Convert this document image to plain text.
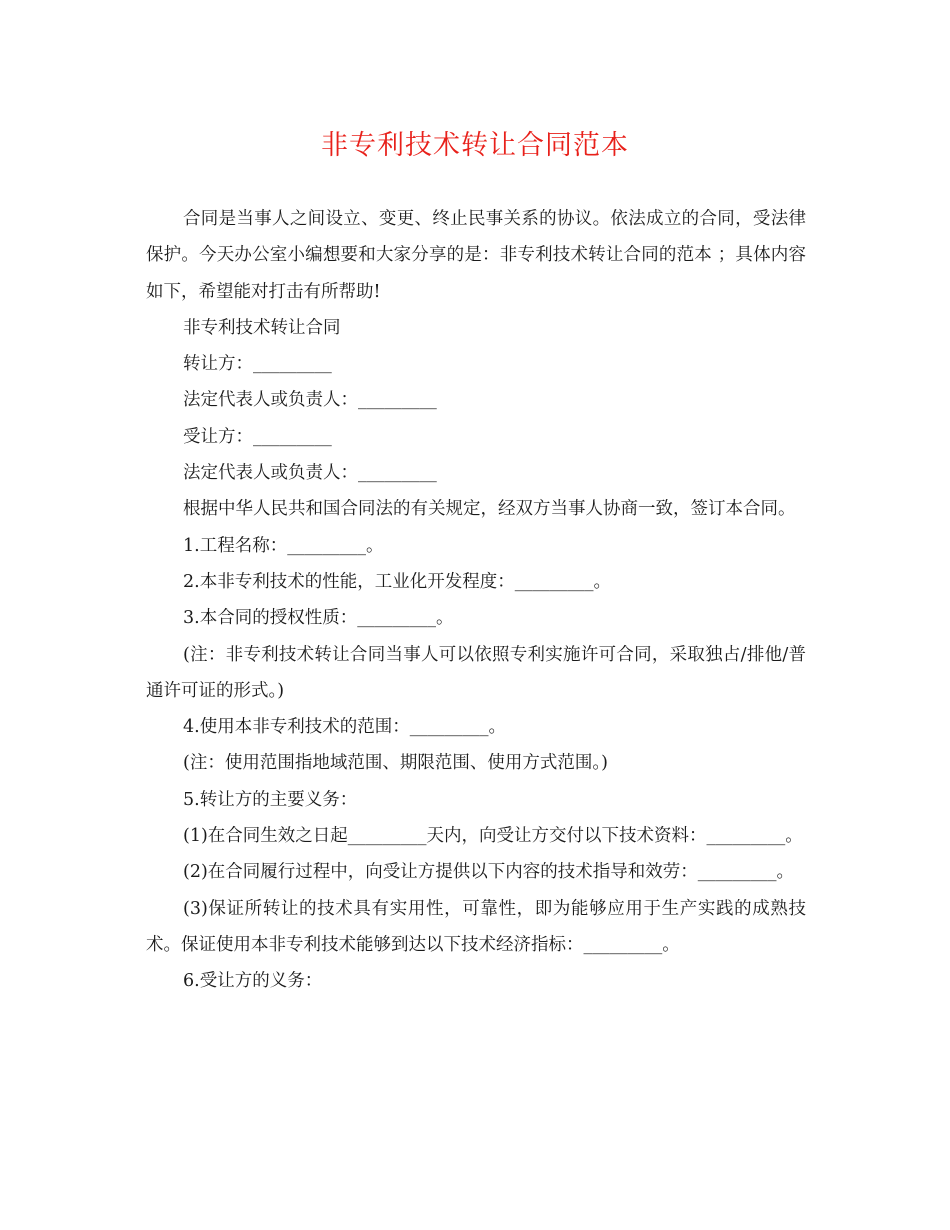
非专利技术转让合同范本

合同是当事人之间设立、变更、终止民事关系的协议。依法成立的合同，受法律保护。今天办公室小编想要和大家分享的是：非专利技术转让合同的范本 ；具体内容如下，希望能对打击有所帮助!

非专利技术转让合同

转让方：_________

法定代表人或负责人：_________

受让方：_________

法定代表人或负责人：_________

根据中华人民共和国合同法的有关规定，经双方当事人协商一致，签订本合同。

1.工程名称：_________。

2.本非专利技术的性能，工业化开发程度：_________。

3.本合同的授权性质：_________。

(注：非专利技术转让合同当事人可以依照专利实施许可合同，采取独占/排他/普通许可证的形式。)

4.使用本非专利技术的范围：_________。

(注：使用范围指地域范围、期限范围、使用方式范围。)

5.转让方的主要义务：

(1)在合同生效之日起_________天内，向受让方交付以下技术资料：_________。

(2)在合同履行过程中，向受让方提供以下内容的技术指导和效劳：_________。

(3)保证所转让的技术具有实用性，可靠性，即为能够应用于生产实践的成熟技术。保证使用本非专利技术能够到达以下技术经济指标：_________。

6.受让方的义务：
